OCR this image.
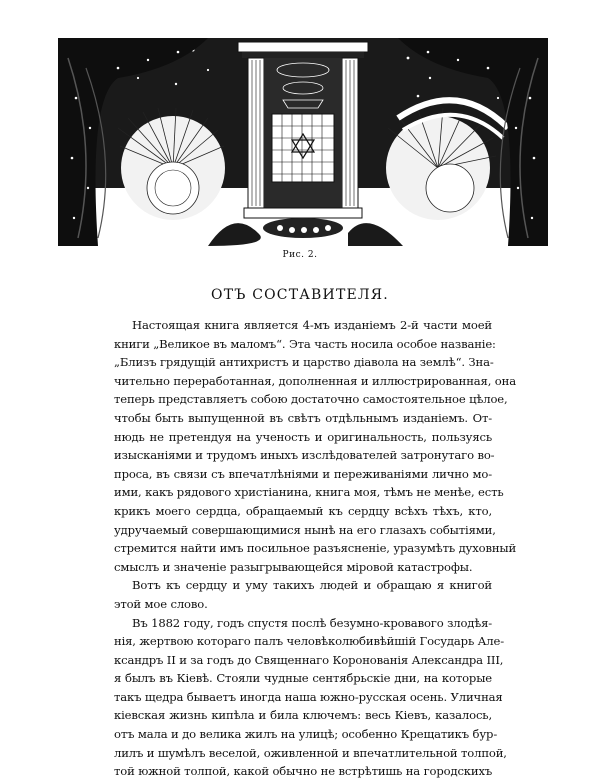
Рис. 2.
ОТЪ СОСТАВИТЕЛЯ.

Настоящая книга является 4-мъ изданіемъ 2-й части моей
книги „Великое въ маломъ“. Эта часть носила особое названіе:
„Близъ грядущій антихристъ и царство діавола на землѣ“. Зна-
чительно переработанная, дополненная и иллюстрированная, она
теперь представляетъ собою достаточно самостоятельное цѣлое,
чтобы быть выпущенной въ свѣтъ отдѣльнымъ изданіемъ. От-
нюдь не претендуя на ученость и оригинальность, пользуясь
изысканіями и трудомъ иныхъ изслѣдователей затронутаго во-
проса, въ связи съ впечатлѣніями и переживаніями лично мо-
ими, какъ рядового христіанина, книга моя, тѣмъ не менѣе, есть
крикъ моего сердца, обращаемый къ сердцу всѣхъ тѣхъ, кто,
удручаемый совершающимися нынѣ на его глазахъ событіями,
стремится найти имъ посильное разъясненіе, уразумѣть духовный
смыслъ и значеніе разыгрывающейся міровой катастрофы.

Вотъ къ сердцу и уму такихъ людей и обращаю я книгой
этой мое слово.

Въ 1882 году, годъ спустя послѣ безумно-кровавого злодѣя-
нія, жертвою котораго палъ человѣколюбивѣйшій Государь Але-
ксандръ II и за годъ до Священнаго Коронованія Александра III,
я былъ въ Кіевѣ. Стояли чудные сентябрьскіе дни, на которые
такъ щедра бываетъ иногда наша южно-русская осень. Уличная
кіевская жизнь кипѣла и била ключемъ: весь Кіевъ, казалось,
отъ мала и до велика жилъ на улицѣ; особенно Крещатикъ бур-
лилъ и шумѣлъ веселой, оживленной и впечатлительной толпой,
той южной толпой, какой обычно не встрѣтишь на городскихъ
